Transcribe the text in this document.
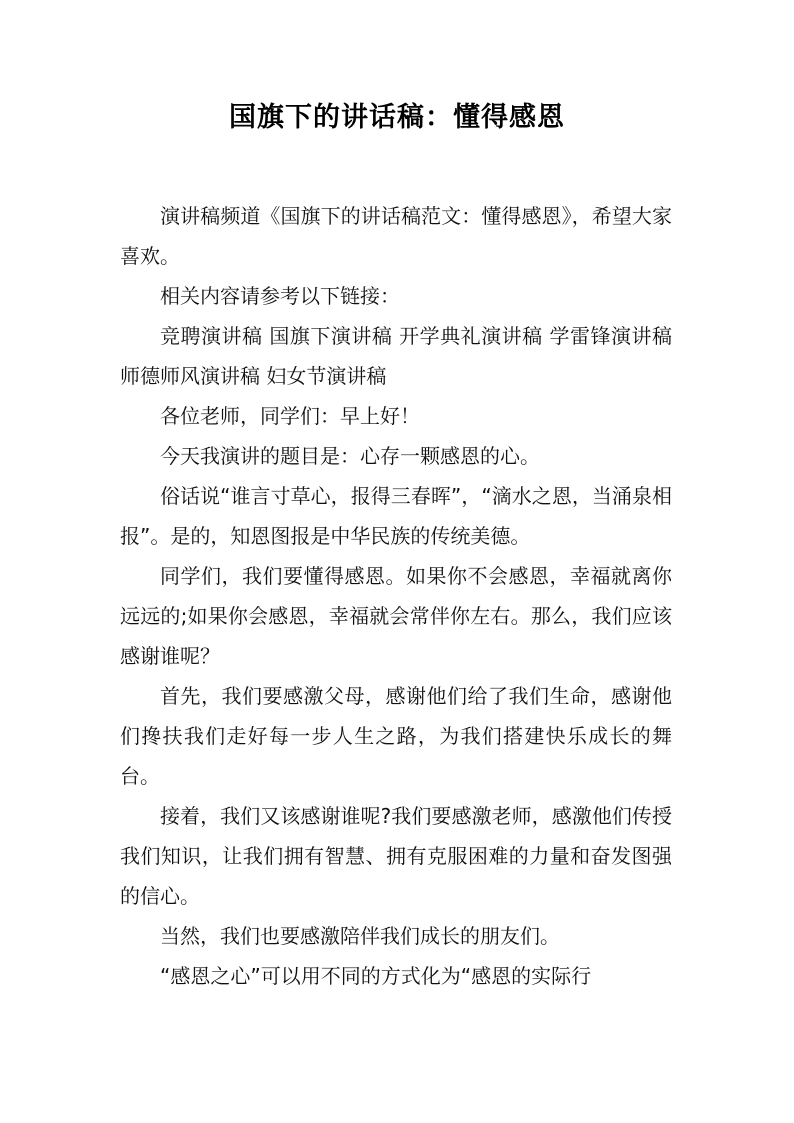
国旗下的讲话稿：懂得感恩

演讲稿频道《国旗下的讲话稿范文：懂得感恩》，希望大家喜欢。

相关内容请参考以下链接：

竞聘演讲稿 国旗下演讲稿 开学典礼演讲稿 学雷锋演讲稿 师德师风演讲稿 妇女节演讲稿

各位老师，同学们：早上好！

今天我演讲的题目是：心存一颗感恩的心。

俗话说“谁言寸草心，报得三春晖”，“滴水之恩，当涌泉相报”。是的，知恩图报是中华民族的传统美德。

同学们，我们要懂得感恩。如果你不会感恩，幸福就离你远远的;如果你会感恩，幸福就会常伴你左右。那么，我们应该感谢谁呢？

首先，我们要感激父母，感谢他们给了我们生命，感谢他们搀扶我们走好每一步人生之路，为我们搭建快乐成长的舞台。

接着，我们又该感谢谁呢?我们要感激老师，感激他们传授我们知识，让我们拥有智慧、拥有克服困难的力量和奋发图强的信心。

当然，我们也要感激陪伴我们成长的朋友们。

“感恩之心”可以用不同的方式化为“感恩的实际行
